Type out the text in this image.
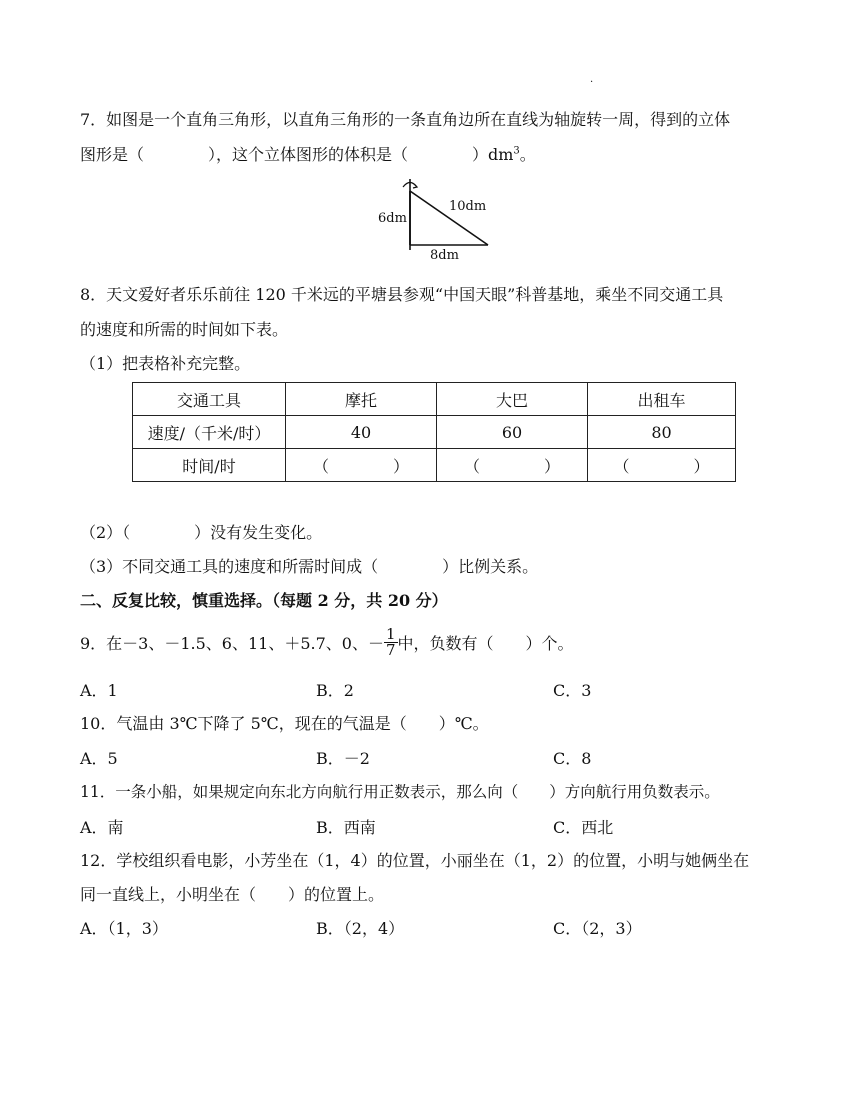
.
7．如图是一个直角三角形，以直角三角形的一条直角边所在直线为轴旋转一周，得到的立体
图形是（　　　　），这个立体图形的体积是（　　　　）$dm^3$。
6dm
10dm
8dm
8．天文爱好者乐乐前往 120 千米远的平塘县参观“中国天眼”科普基地，乘坐不同交通工具
的速度和所需的时间如下表。
（1）把表格补充完整。
交通工具	摩托	大巴	出租车
速度/（千米/时）	40	60	80
时间/时	（　　　　）	（　　　　）	（　　　　）
（2）（　　　　）没有发生变化。
（3）不同交通工具的速度和所需时间成（　　　　）比例关系。
二、反复比较，慎重选择。（每题 2 分，共 20 分）
9．在－3、－1.5、6、11、＋5.7、0、－ $\frac{1}{7}$ 中，负数有（　　）个。
A．1	B．2	C．3
10．气温由 3℃下降了 5℃，现在的气温是（　　）℃。
A．5	B．－2	C．8
11．一条小船，如果规定向东北方向航行用正数表示，那么向（　　）方向航行用负数表示。
A．南	B．西南	C．西北
12．学校组织看电影，小芳坐在（1，4）的位置，小丽坐在（1，2）的位置，小明与她俩坐在
同一直线上，小明坐在（　　）的位置上。
A．（1，3）	B．（2，4）	C．（2，3）
